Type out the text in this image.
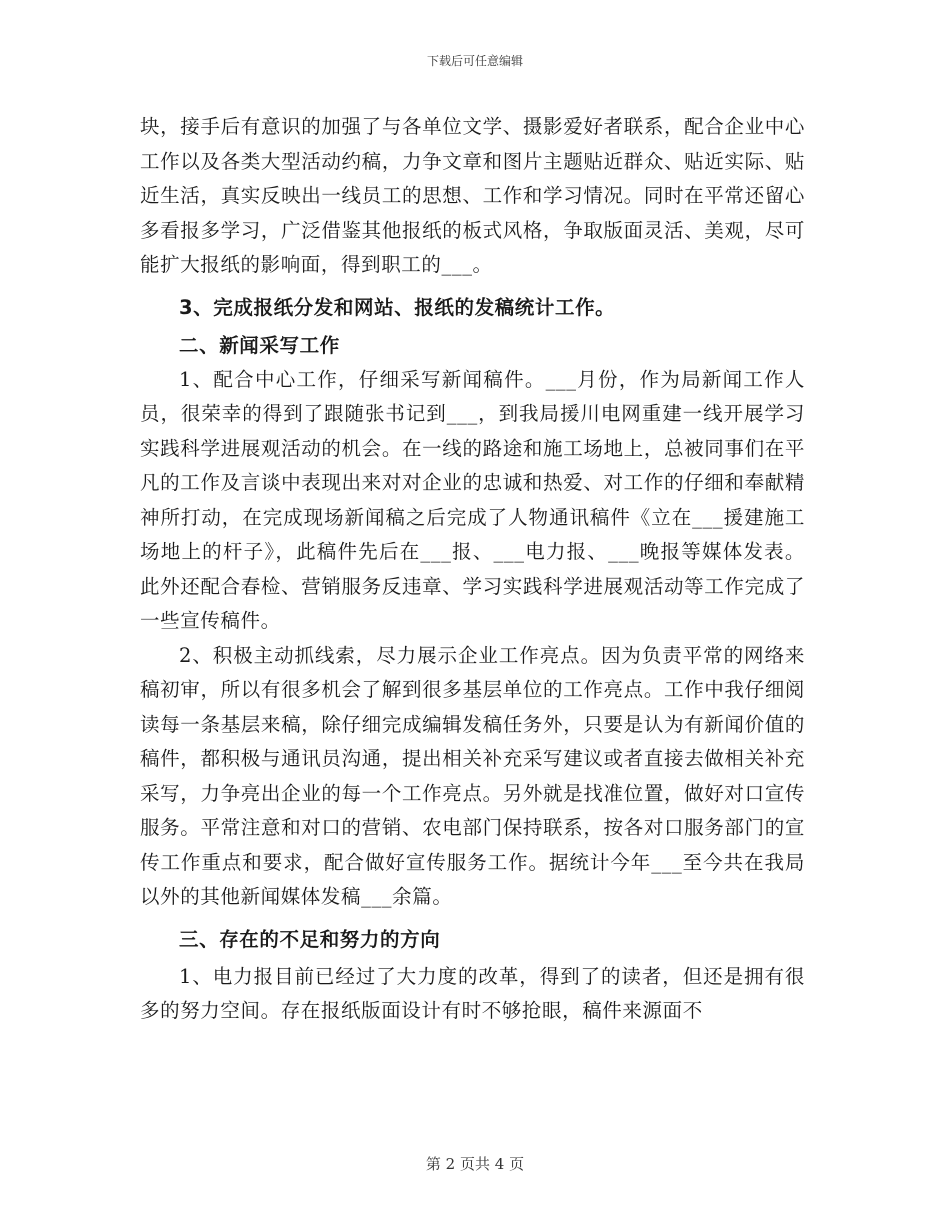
下载后可任意编辑

块，接手后有意识的加强了与各单位文学、摄影爱好者联系，配合企业中心工作以及各类大型活动约稿，力争文章和图片主题贴近群众、贴近实际、贴近生活，真实反映出一线员工的思想、工作和学习情况。同时在平常还留心多看报多学习，广泛借鉴其他报纸的板式风格，争取版面灵活、美观，尽可能扩大报纸的影响面，得到职工的___。

3、完成报纸分发和网站、报纸的发稿统计工作。

二、新闻采写工作

1、配合中心工作，仔细采写新闻稿件。___月份，作为局新闻工作人员，很荣幸的得到了跟随张书记到___，到我局援川电网重建一线开展学习实践科学进展观活动的机会。在一线的路途和施工场地上，总被同事们在平凡的工作及言谈中表现出来对对企业的忠诚和热爱、对工作的仔细和奉献精神所打动，在完成现场新闻稿之后完成了人物通讯稿件《立在___援建施工场地上的杆子》，此稿件先后在___报、___电力报、___晚报等媒体发表。此外还配合春检、营销服务反违章、学习实践科学进展观活动等工作完成了一些宣传稿件。

2、积极主动抓线索，尽力展示企业工作亮点。因为负责平常的网络来稿初审，所以有很多机会了解到很多基层单位的工作亮点。工作中我仔细阅读每一条基层来稿，除仔细完成编辑发稿任务外，只要是认为有新闻价值的稿件，都积极与通讯员沟通，提出相关补充采写建议或者直接去做相关补充采写，力争亮出企业的每一个工作亮点。另外就是找准位置，做好对口宣传服务。平常注意和对口的营销、农电部门保持联系，按各对口服务部门的宣传工作重点和要求，配合做好宣传服务工作。据统计今年___至今共在我局以外的其他新闻媒体发稿___余篇。

三、存在的不足和努力的方向

1、电力报目前已经过了大力度的改革，得到了的读者，但还是拥有很多的努力空间。存在报纸版面设计有时不够抢眼，稿件来源面不

第 2 页共 4 页
